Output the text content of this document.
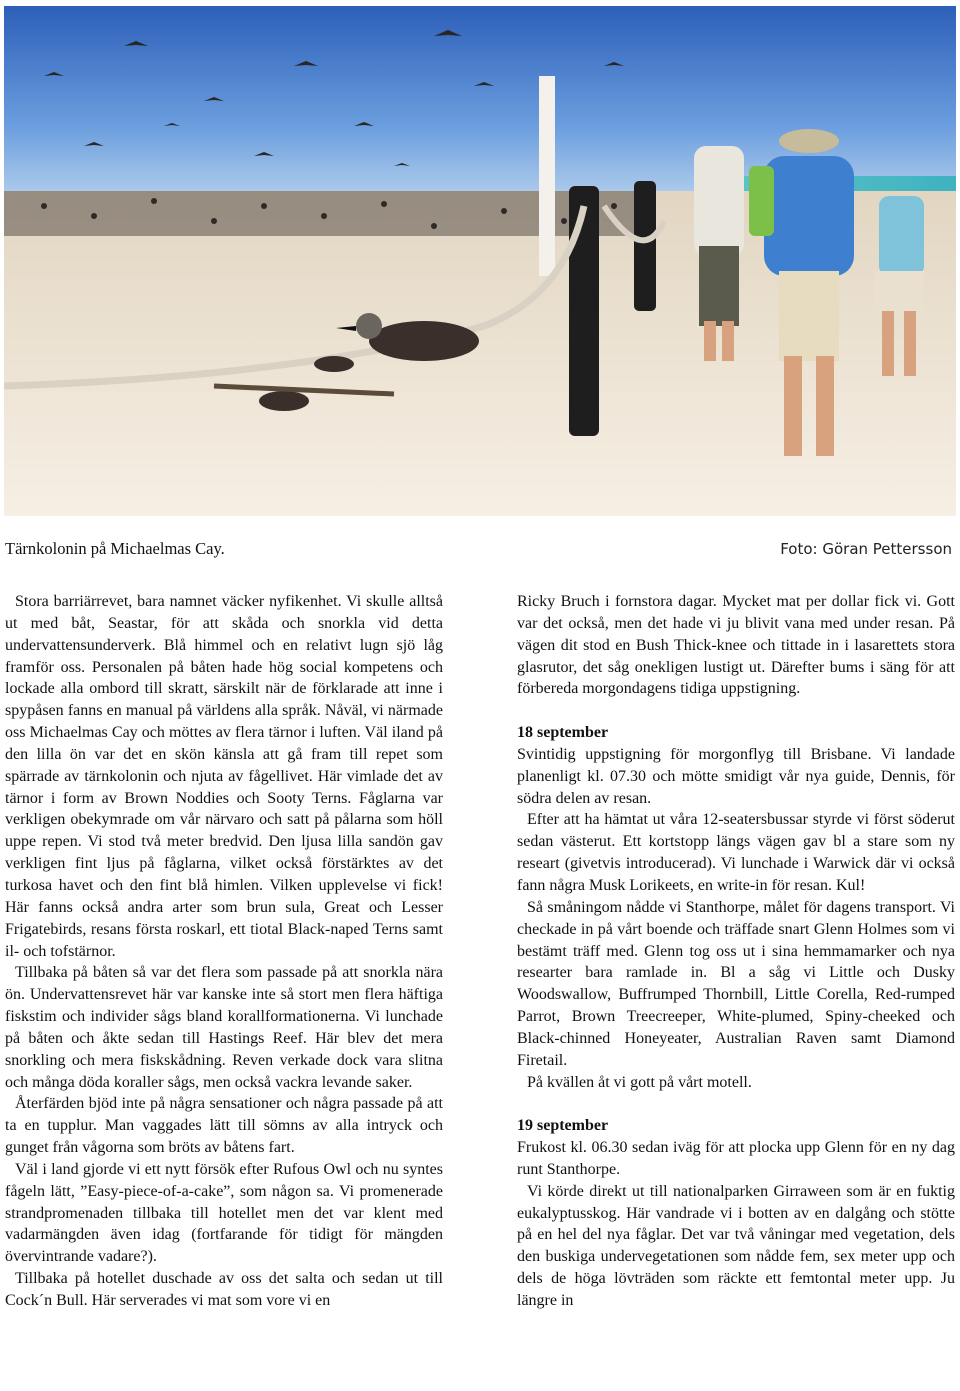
Tärnkolonin på Michaelmas Cay.	Foto: Göran Pettersson

Stora barriärrevet, bara namnet väcker nyfikenhet. Vi skulle alltså ut med båt, Seastar, för att skåda och snorkla vid detta undervattensunderverk. Blå himmel och en relativt lugn sjö låg framför oss. Personalen på båten hade hög social kompetens och lockade alla ombord till skratt, särskilt när de förklarade att inne i spypåsen fanns en manual på världens alla språk. Nåväl, vi närmade oss Michaelmas Cay och möttes av flera tärnor i luften. Väl iland på den lilla ön var det en skön känsla att gå fram till repet som spärrade av tärnkolonin och njuta av fågellivet. Här vimlade det av tärnor i form av Brown Noddies och Sooty Terns. Fåglarna var verkligen obekymrade om vår närvaro och satt på pålarna som höll uppe repen. Vi stod två meter bredvid. Den ljusa lilla sandön gav verkligen fint ljus på fåglarna, vilket också förstärktes av det turkosa havet och den fint blå himlen. Vilken upplevelse vi fick! Här fanns också andra arter som brun sula, Great och Lesser Frigatebirds, resans första roskarl, ett tiotal Black-naped Terns samt il- och tofstärnor.

Tillbaka på båten så var det flera som passade på att snorkla nära ön. Undervattensrevet här var kanske inte så stort men flera häftiga fiskstim och individer sågs bland korallformationerna. Vi lunchade på båten och åkte sedan till Hastings Reef. Här blev det mera snorkling och mera fiskskådning. Reven verkade dock vara slitna och många döda koraller sågs, men också vackra levande saker.

Återfärden bjöd inte på några sensationer och några passade på att ta en tupplur. Man vaggades lätt till sömns av alla intryck och gunget från vågorna som bröts av båtens fart.

Väl i land gjorde vi ett nytt försök efter Rufous Owl och nu syntes fågeln lätt, ”Easy-piece-of-a-cake”, som någon sa. Vi promenerade strandpromenaden tillbaka till hotellet men det var klent med vadarmängden även idag (fortfarande för tidigt för mängden övervintrande vadare?).

Tillbaka på hotellet duschade av oss det salta och sedan ut till Cock´n Bull. Här serverades vi mat som vore vi en

Ricky Bruch i fornstora dagar. Mycket mat per dollar fick vi. Gott var det också, men det hade vi ju blivit vana med under resan. På vägen dit stod en Bush Thick-knee och tittade in i lasarettets stora glasrutor, det såg onekligen lustigt ut. Därefter bums i säng för att förbereda morgondagens tidiga uppstigning.

18 september

Svintidig uppstigning för morgonflyg till Brisbane. Vi landade planenligt kl. 07.30 och mötte smidigt vår nya guide, Dennis, för södra delen av resan.

Efter att ha hämtat ut våra 12-seatersbussar styrde vi först söderut sedan västerut. Ett kortstopp längs vägen gav bl a stare som ny researt (givetvis introducerad). Vi lunchade i Warwick där vi också fann några Musk Lorikeets, en write-in för resan. Kul!

Så småningom nådde vi Stanthorpe, målet för dagens transport. Vi checkade in på vårt boende och träffade snart Glenn Holmes som vi bestämt träff med. Glenn tog oss ut i sina hemmamarker och nya researter bara ramlade in. Bl a såg vi Little och Dusky Woodswallow, Buffrumped Thornbill, Little Corella, Red-rumped Parrot, Brown Treecreeper, White-plumed, Spiny-cheeked och Black-chinned Honeyeater, Australian Raven samt Diamond Firetail.

På kvällen åt vi gott på vårt motell.

19 september

Frukost kl. 06.30 sedan iväg för att plocka upp Glenn för en ny dag runt Stanthorpe.

Vi körde direkt ut till nationalparken Girraween som är en fuktig eukalyptusskog. Här vandrade vi i botten av en dalgång och stötte på en hel del nya fåglar. Det var två våningar med vegetation, dels den buskiga undervegetationen som nådde fem, sex meter upp och dels de höga lövträden som räckte ett femtontal meter upp. Ju längre in
